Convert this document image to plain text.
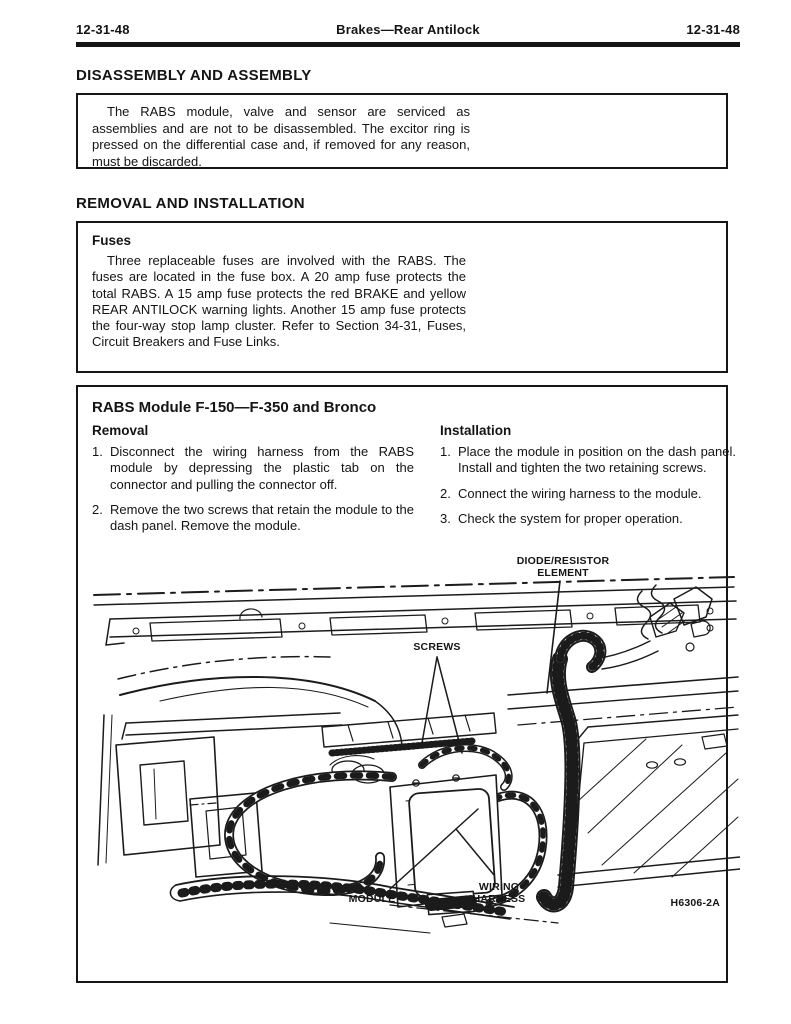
12-31-48	Brakes—Rear Antilock	12-31-48
DISASSEMBLY AND ASSEMBLY

The RABS module, valve and sensor are serviced as assemblies and are not to be disassembled. The excitor ring is pressed on the differential case and, if removed for any reason, must be discarded.

REMOVAL AND INSTALLATION
Fuses

Three replaceable fuses are involved with the RABS. The fuses are located in the fuse box. A 20 amp fuse protects the total RABS. A 15 amp fuse protects the red BRAKE and yellow REAR ANTILOCK warning lights. Another 15 amp fuse protects the four-way stop lamp cluster. Refer to Section 34-31, Fuses, Circuit Breakers and Fuse Links.

RABS Module F-150—F-350 and Bronco
Removal
1. Disconnect the wiring harness from the RABS module by depressing the plastic tab on the connector and pulling the connector off.
2. Remove the two screws that retain the module to the dash panel. Remove the module.
Installation
1. Place the module in position on the dash panel. Install and tighten the two retaining screws.
2. Connect the wiring harness to the module.
3. Check the system for proper operation.
DIODE/RESISTOR ELEMENT
SCREWS
MODULE
WIRING HARNESS	H6306-2A
